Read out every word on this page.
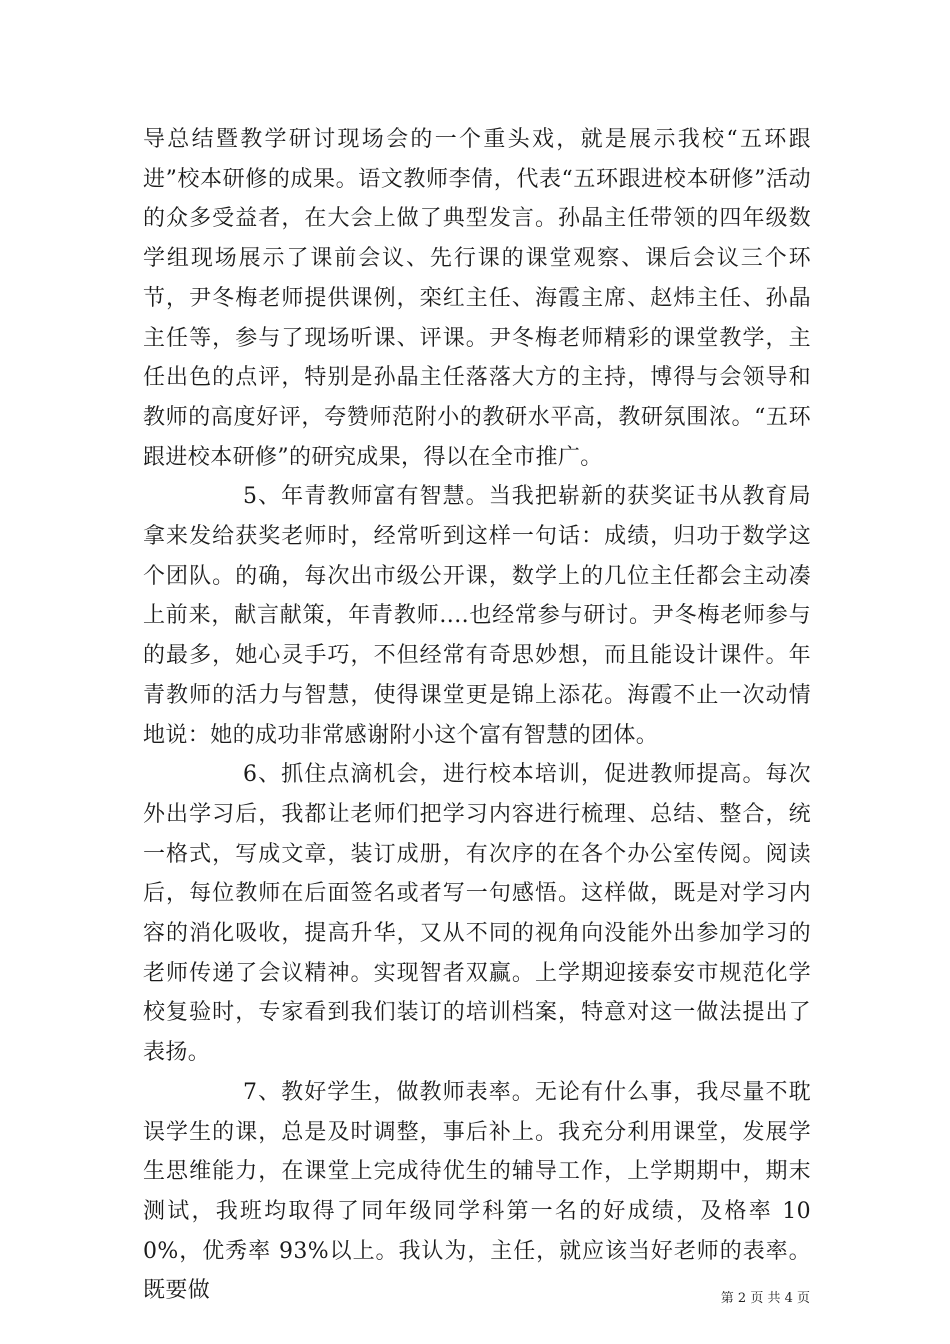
导总结暨教学研讨现场会的一个重头戏，就是展示我校“五环跟进”校本研修的成果。语文教师李倩，代表“五环跟进校本研修”活动的众多受益者，在大会上做了典型发言。孙晶主任带领的四年级数学组现场展示了课前会议、先行课的课堂观察、课后会议三个环节，尹冬梅老师提供课例，栾红主任、海霞主席、赵炜主任、孙晶主任等，参与了现场听课、评课。尹冬梅老师精彩的课堂教学，主任出色的点评，特别是孙晶主任落落大方的主持，博得与会领导和教师的高度好评，夸赞师范附小的教研水平高，教研氛围浓。“五环跟进校本研修”的研究成果，得以在全市推广。

5、年青教师富有智慧。当我把崭新的获奖证书从教育局拿来发给获奖老师时，经常听到这样一句话：成绩，归功于数学这个团队。的确，每次出市级公开课，数学上的几位主任都会主动凑上前来，献言献策，年青教师....也经常参与研讨。尹冬梅老师参与的最多，她心灵手巧，不但经常有奇思妙想，而且能设计课件。年青教师的活力与智慧，使得课堂更是锦上添花。海霞不止一次动情地说：她的成功非常感谢附小这个富有智慧的团体。

6、抓住点滴机会，进行校本培训，促进教师提高。每次外出学习后，我都让老师们把学习内容进行梳理、总结、整合，统一格式，写成文章，装订成册，有次序的在各个办公室传阅。阅读后，每位教师在后面签名或者写一句感悟。这样做，既是对学习内容的消化吸收，提高升华，又从不同的视角向没能外出参加学习的老师传递了会议精神。实现智者双赢。上学期迎接泰安市规范化学校复验时，专家看到我们装订的培训档案，特意对这一做法提出了表扬。

7、教好学生，做教师表率。无论有什么事，我尽量不耽误学生的课，总是及时调整，事后补上。我充分利用课堂，发展学生思维能力，在课堂上完成待优生的辅导工作，上学期期中，期末测试，我班均取得了同年级同学科第一名的好成绩，及格率 100%，优秀率 93%以上。我认为，主任，就应该当好老师的表率。既要做	第 2 页 共 4 页
